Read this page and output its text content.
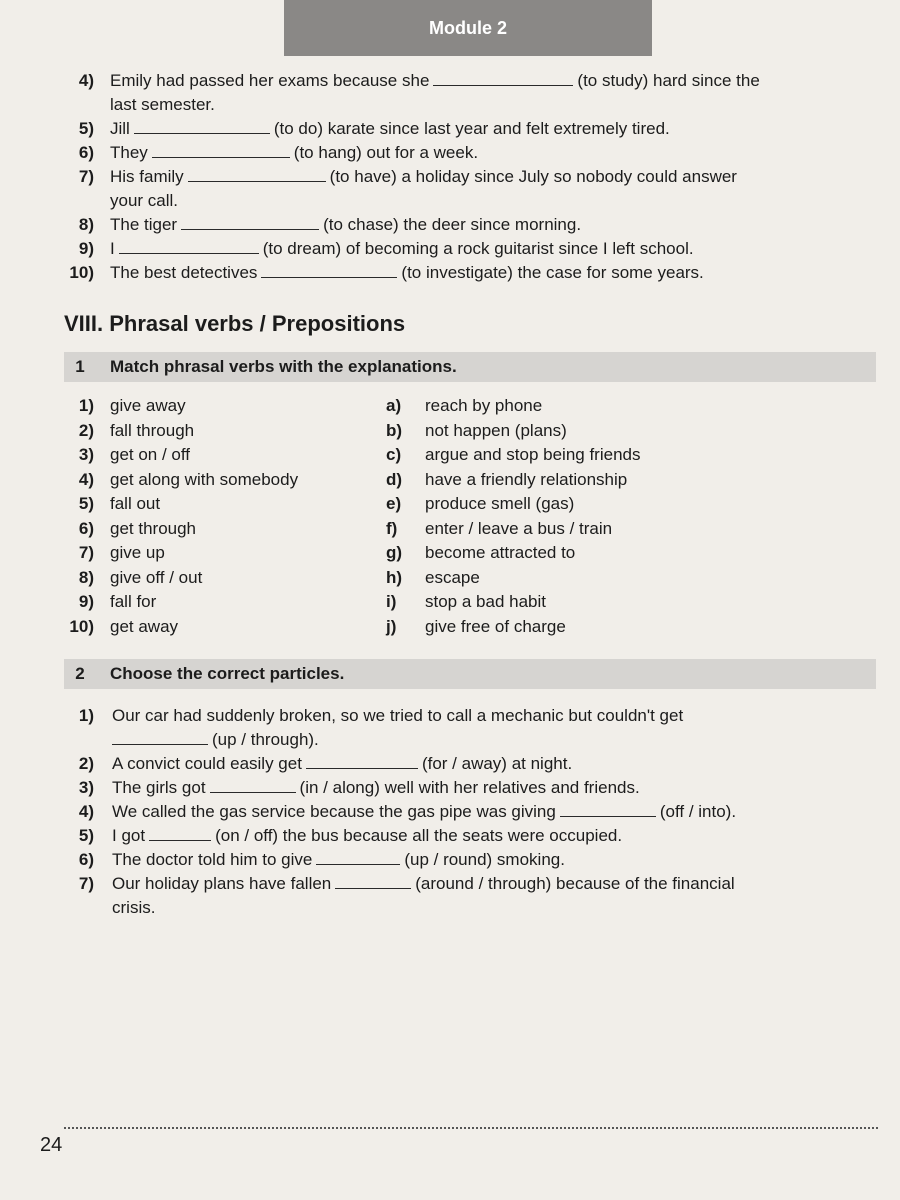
Module 2
4) Emily had passed her exams because she	(to study) hard since the
last semester.
5) Jill	(to do) karate since last year and felt extremely tired.
6) They	(to hang) out for a week.
7) His family	(to have) a holiday since July so nobody could answer
your call.
8) The tiger	(to chase) the deer since morning.
9) I	(to dream) of becoming a rock guitarist since I left school.
10) The best detectives	(to investigate) the case for some years.
VIII. Phrasal verbs / Prepositions
1	Match phrasal verbs with the explanations.
1) give away	a) reach by phone
2) fall through	b) not happen (plans)
3) get on / off	c) argue and stop being friends
4) get along with somebody	d) have a friendly relationship
5) fall out	e) produce smell (gas)
6) get through	f) enter / leave a bus / train
7) give up	g) become attracted to
8) give off / out	h) escape
9) fall for	i) stop a bad habit
10) get away	j) give free of charge
2	Choose the correct particles.
1) Our car had suddenly broken, so we tried to call a mechanic but couldn't get
(up / through).
2) A convict could easily get	(for / away) at night.
3) The girls got	(in / along) well with her relatives and friends.
4) We called the gas service because the gas pipe was giving	(off / into).
5) I got	(on / off) the bus because all the seats were occupied.
6) The doctor told him to give	(up / round) smoking.
7) Our holiday plans have fallen	(around / through) because of the financial
crisis.
24
